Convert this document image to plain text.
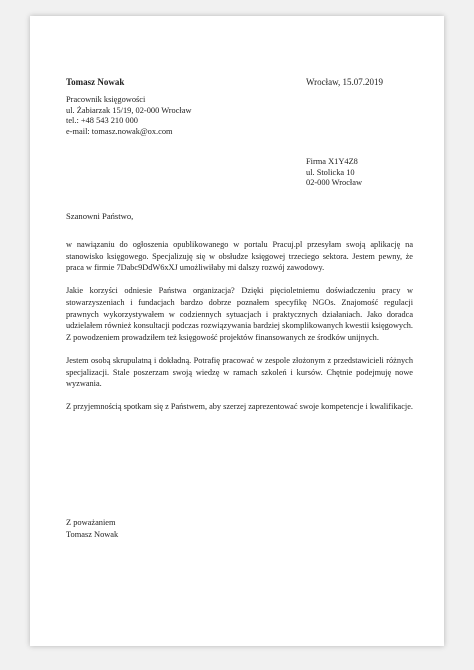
Tomasz Nowak	Wrocław, 15.07.2019
Pracownik księgowości
ul. Żabiarzak 15/19, 02-000 Wrocław
tel.: +48 543 210 000
e-mail: tomasz.nowak@ox.com
Firma X1Y4Z8
ul. Stolicka 10
02-000 Wrocław
Szanowni Państwo,

w nawiązaniu do ogłoszenia opublikowanego w portalu Pracuj.pl przesyłam swoją aplikację na stanowisko księgowego. Specjalizuję się w obsłudze księgowej trzeciego sektora. Jestem pewny, że praca w firmie 7Dabc9DdW6xXJ umożliwiłaby mi dalszy rozwój zawodowy.

Jakie korzyści odniesie Państwa organizacja? Dzięki pięcioletniemu doświadczeniu pracy w stowarzyszeniach i fundacjach bardzo dobrze poznałem specyfikę NGOs. Znajomość regulacji prawnych wykorzystywałem w codziennych sytuacjach i praktycznych działaniach. Jako doradca udzielałem również konsultacji podczas rozwiązywania bardziej skomplikowanych kwestii księgowych. Z powodzeniem prowadziłem też księgowość projektów finansowanych ze środków unijnych.

Jestem osobą skrupulatną i dokładną. Potrafię pracować w zespole złożonym z przedstawicieli różnych specjalizacji. Stale poszerzam swoją wiedzę w ramach szkoleń i kursów. Chętnie podejmuję nowe wyzwania.

Z przyjemnością spotkam się z Państwem, aby szerzej zaprezentować swoje kompetencje i kwalifikacje.

Z poważaniem
Tomasz Nowak
